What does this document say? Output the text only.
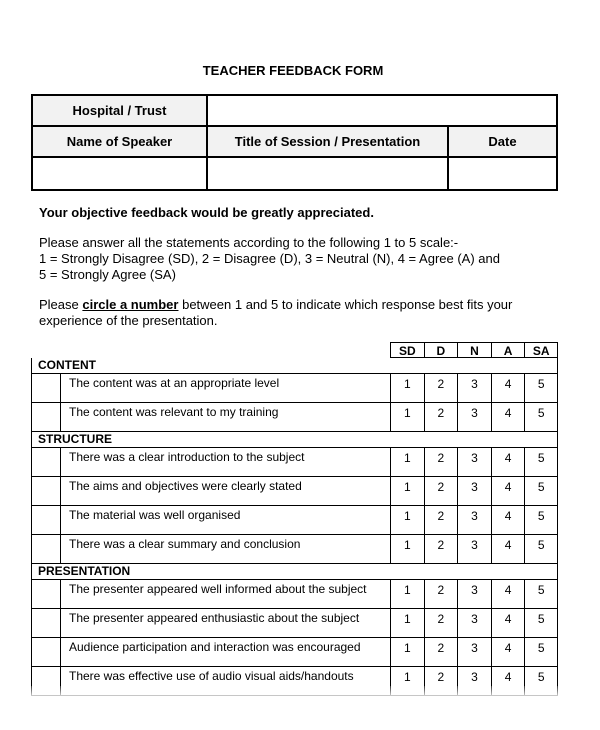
TEACHER FEEDBACK FORM
Hospital / Trust
Name of Speaker	Title of Session / Presentation	Date
Your objective feedback would be greatly appreciated.
Please answer all the statements according to the following 1 to 5 scale:-
1 = Strongly Disagree (SD), 2 = Disagree (D), 3 = Neutral (N), 4 = Agree (A) and
5 = Strongly Agree (SA)
Please circle a number between 1 and 5 to indicate which response best fits your
experience of the presentation.
SD	D	N	A	SA
CONTENT
The content was at an appropriate level	1	2	3	4	5
The content was relevant to my training	1	2	3	4	5
STRUCTURE
There was a clear introduction to the subject	1	2	3	4	5
The aims and objectives were clearly stated	1	2	3	4	5
The material was well organised	1	2	3	4	5
There was a clear summary and conclusion	1	2	3	4	5
PRESENTATION
The presenter appeared well informed about the subject	1	2	3	4	5
The presenter appeared enthusiastic about the subject	1	2	3	4	5
Audience participation and interaction was encouraged	1	2	3	4	5
There was effective use of audio visual aids/handouts	1	2	3	4	5
